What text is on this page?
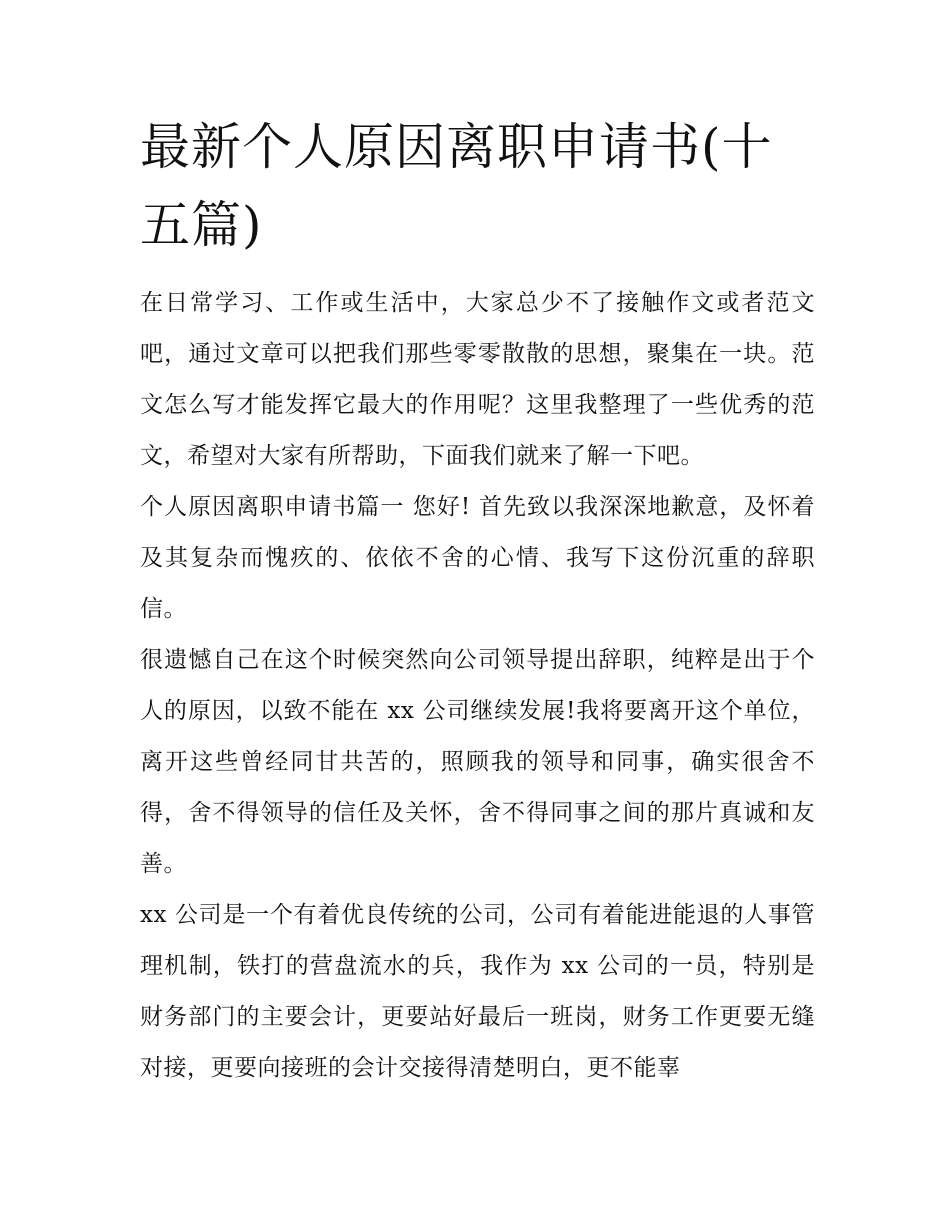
最新个人原因离职申请书(十五篇)

在日常学习、工作或生活中，大家总少不了接触作文或者范文吧，通过文章可以把我们那些零零散散的思想，聚集在一块。范文怎么写才能发挥它最大的作用呢？这里我整理了一些优秀的范文，希望对大家有所帮助，下面我们就来了解一下吧。

个人原因离职申请书篇一 您好! 首先致以我深深地歉意，及怀着及其复杂而愧疚的、依依不舍的心情、我写下这份沉重的辞职信。

很遗憾自己在这个时候突然向公司领导提出辞职，纯粹是出于个人的原因，以致不能在 xx 公司继续发展!我将要离开这个单位，离开这些曾经同甘共苦的，照顾我的领导和同事，确实很舍不得，舍不得领导的信任及关怀，舍不得同事之间的那片真诚和友善。

xx 公司是一个有着优良传统的公司，公司有着能进能退的人事管理机制，铁打的营盘流水的兵，我作为 xx 公司的一员，特别是财务部门的主要会计，更要站好最后一班岗，财务工作更要无缝对接，更要向接班的会计交接得清楚明白，更不能辜
